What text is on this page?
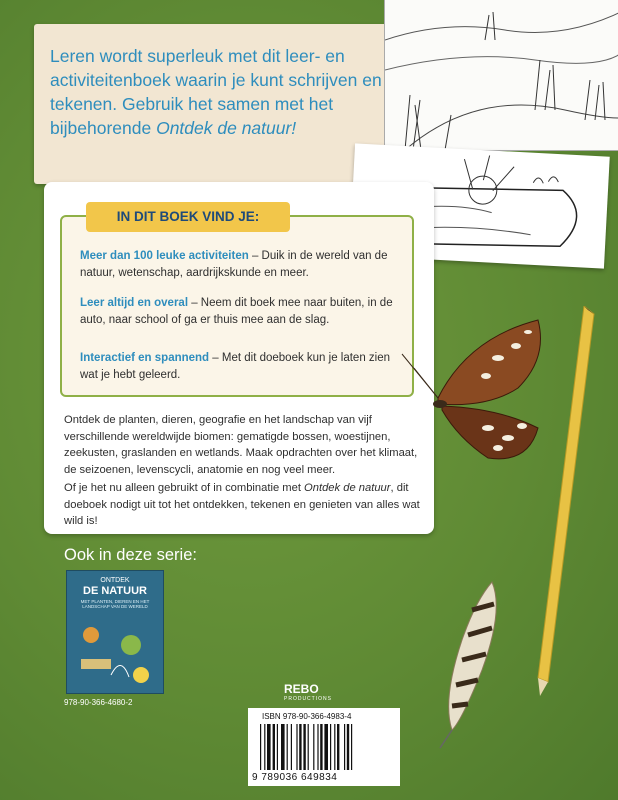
Leren wordt superleuk met dit leer- en activiteitenboek waarin je kunt schrijven en tekenen. Gebruik het samen met het bijbehorende Ontdek de natuur!

IN DIT BOEK VIND JE:

Meer dan 100 leuke activiteiten – Duik in de wereld van de natuur, wetenschap, aardrijkskunde en meer.

Leer altijd en overal – Neem dit boek mee naar buiten, in de auto, naar school of ga er thuis mee aan de slag.

Interactief en spannend – Met dit doeboek kun je laten zien wat je hebt geleerd.

Ontdek de planten, dieren, geografie en het landschap van vijf verschillende wereldwijde biomen: gematigde bossen, woestijnen, zeekusten, graslanden en wetlands. Maak opdrachten over het klimaat, de seizoenen, levenscycli, anatomie en nog veel meer.

Of je het nu alleen gebruikt of in combinatie met Ontdek de natuur, dit doeboek nodigt uit tot het ontdekken, tekenen en genieten van alles wat wild is!

Ook in deze serie:
ONTDEK
DE NATUUR
MET PLANTEN, DIEREN EN HET LANDSCHAP VAN DE WERELD
978-90-366-4680-2
REBO
PRODUCTIONS
ISBN 978-90-366-4983-4
9 789036 649834
